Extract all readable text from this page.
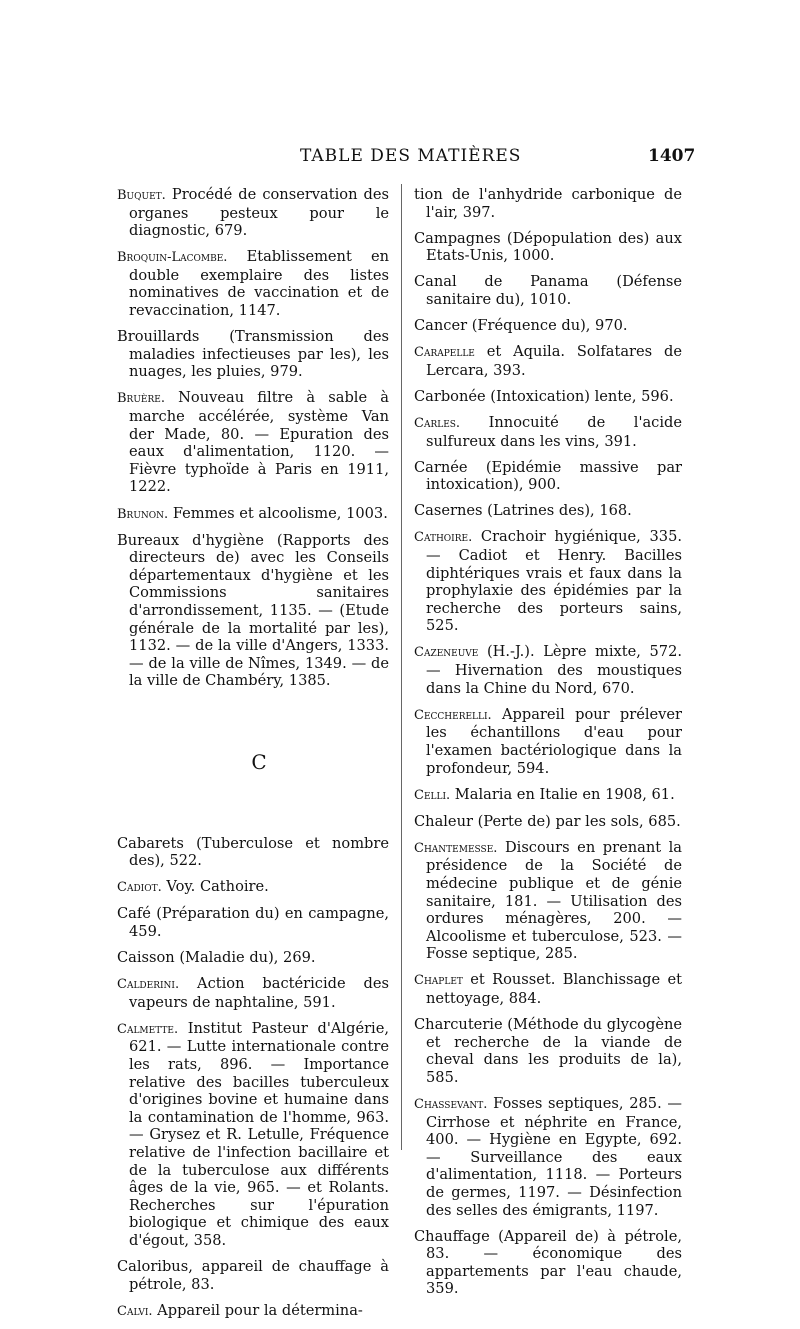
TABLE DES MATIÈRES	1407

Buquet. Procédé de conservation des organes pesteux pour le diagnostic, 679.

Broquin-Lacombe. Etablissement en double exemplaire des listes nominatives de vaccination et de revaccination, 1147.

Brouillards (Transmission des maladies infectieuses par les), les nuages, les pluies, 979.

Bruère. Nouveau filtre à sable à marche accélérée, système Van der Made, 80. — Epuration des eaux d'alimentation, 1120. — Fièvre typhoïde à Paris en 1911, 1222.

Brunon. Femmes et alcoolisme, 1003.

Bureaux d'hygiène (Rapports des directeurs de) avec les Conseils départementaux d'hygiène et les Commissions sanitaires d'arrondissement, 1135. — (Etude générale de la mortalité par les), 1132. — de la ville d'Angers, 1333. — de la ville de Nîmes, 1349. — de la ville de Chambéry, 1385.

C

Cabarets (Tuberculose et nombre des), 522.

Cadiot. Voy. Cathoire.

Café (Préparation du) en campagne, 459.

Caisson (Maladie du), 269.

Calderini. Action bactéricide des vapeurs de naphtaline, 591.

Calmette. Institut Pasteur d'Algérie, 621. — Lutte internationale contre les rats, 896. — Importance relative des bacilles tuberculeux d'origines bovine et humaine dans la contamination de l'homme, 963. — Grysez et R. Letulle, Fréquence relative de l'infection bacillaire et de la tuberculose aux différents âges de la vie, 965. — et Rolants. Recherches sur l'épuration biologique et chimique des eaux d'égout, 358.

Caloribus, appareil de chauffage à pétrole, 83.

Calvi. Appareil pour la détermina-

tion de l'anhydride carbonique de l'air, 397.

Campagnes (Dépopulation des) aux Etats-Unis, 1000.

Canal de Panama (Défense sanitaire du), 1010.

Cancer (Fréquence du), 970.

Carapelle et Aquila. Solfatares de Lercara, 393.

Carbonée (Intoxication) lente, 596.

Carles. Innocuité de l'acide sulfureux dans les vins, 391.

Carnée (Epidémie massive par intoxication), 900.

Casernes (Latrines des), 168.

Cathoire. Crachoir hygiénique, 335. — Cadiot et Henry. Bacilles diphtériques vrais et faux dans la prophylaxie des épidémies par la recherche des porteurs sains, 525.

Cazeneuve (H.-J.). Lèpre mixte, 572. — Hivernation des moustiques dans la Chine du Nord, 670.

Ceccherelli. Appareil pour prélever les échantillons d'eau pour l'examen bactériologique dans la profondeur, 594.

Celli. Malaria en Italie en 1908, 61.

Chaleur (Perte de) par les sols, 685.

Chantemesse. Discours en prenant la présidence de la Société de médecine publique et de génie sanitaire, 181. — Utilisation des ordures ménagères, 200. — Alcoolisme et tuberculose, 523. — Fosse septique, 285.

Chaplet et Rousset. Blanchissage et nettoyage, 884.

Charcuterie (Méthode du glycogène et recherche de la viande de cheval dans les produits de la), 585.

Chassevant. Fosses septiques, 285. — Cirrhose et néphrite en France, 400. — Hygiène en Egypte, 692. — Surveillance des eaux d'alimentation, 1118. — Porteurs de germes, 1197. — Désinfection des selles des émigrants, 1197.

Chauffage (Appareil de) à pétrole, 83. — économique des appartements par l'eau chaude, 359.
